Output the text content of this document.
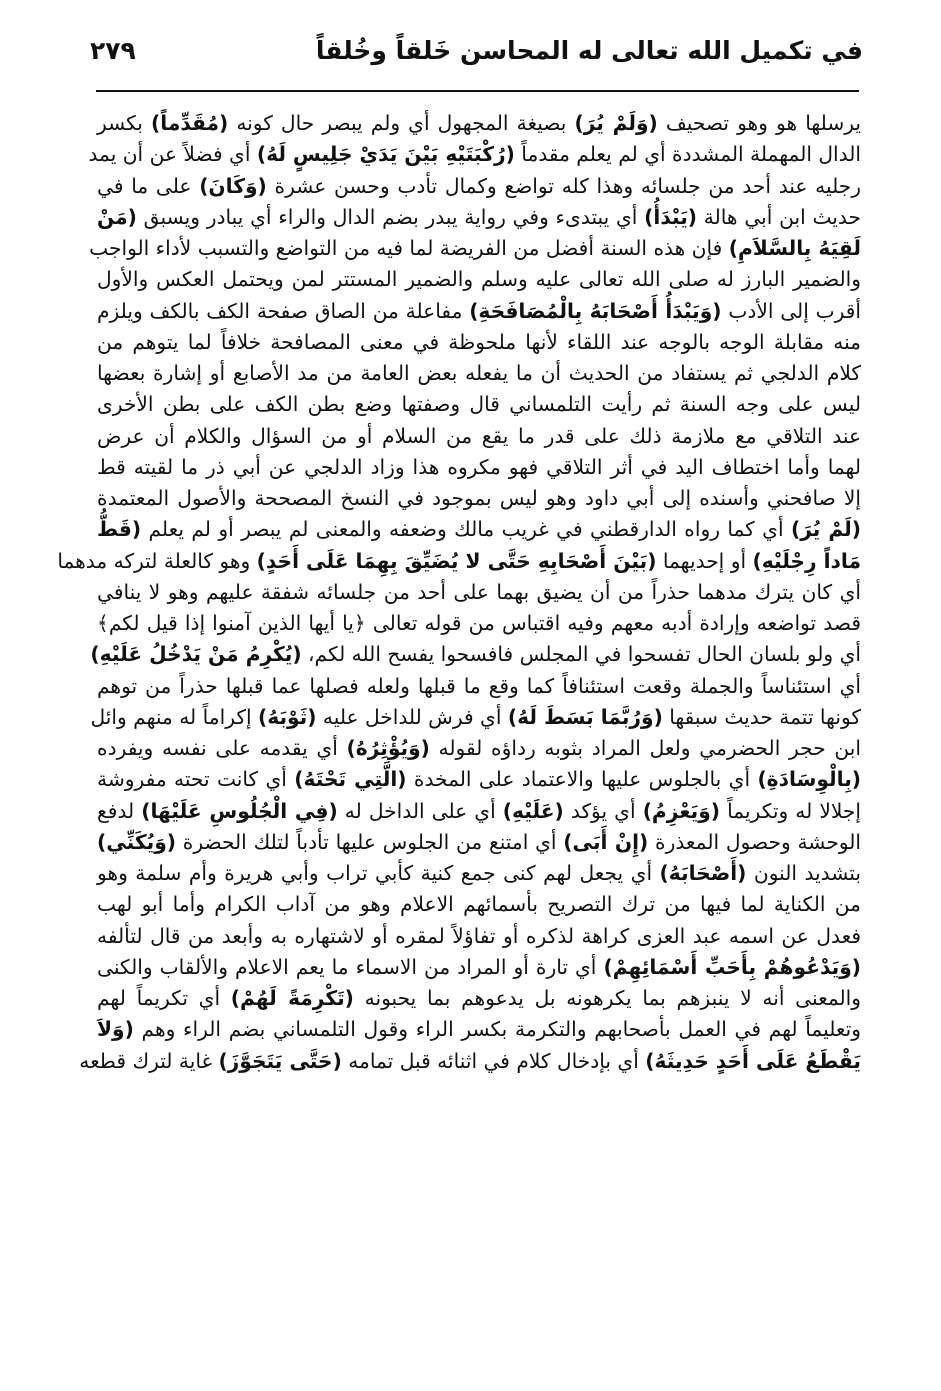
في تكميل الله تعالى له المحاسن خَلقاً وخُلقاً
٢٧٩
يرسلها هو وهو تصحيف (وَلَمْ يُرَ) بصيغة المجهول أي ولم يبصر حال كونه (مُقَدِّماً) بكسر
الدال المهملة المشددة أي لم يعلم مقدماً (رُكْبَتَيْهِ بَيْنَ يَدَيْ جَلِيسٍ لَهُ) أي فضلاً عن أن يمد
رجليه عند أحد من جلسائه وهذا كله تواضع وكمال تأدب وحسن عشرة (وَكَانَ) على ما في
حديث ابن أبي هالة (يَبْدَأُ) أي يبتدىء وفي رواية يبدر بضم الدال والراء أي يبادر ويسبق (مَنْ
لَقِيَهُ بِالسَّلاَمِ) فإن هذه السنة أفضل من الفريضة لما فيه من التواضع والتسبب لأداء الواجب
والضمير البارز له صلى الله تعالى عليه وسلم والضمير المستتر لمن ويحتمل العكس والأول
أقرب إلى الأدب (وَيَبْدَأُ أَصْحَابَهُ بِالْمُصَافَحَةِ) مفاعلة من الصاق صفحة الكف بالكف ويلزم
منه مقابلة الوجه بالوجه عند اللقاء لأنها ملحوظة في معنى المصافحة خلافاً لما يتوهم من
كلام الدلجي ثم يستفاد من الحديث أن ما يفعله بعض العامة من مد الأصابع أو إشارة بعضها
ليس على وجه السنة ثم رأيت التلمساني قال وصفتها وضع بطن الكف على بطن الأخرى
عند التلاقي مع ملازمة ذلك على قدر ما يقع من السلام أو من السؤال والكلام أن عرض
لهما وأما اختطاف اليد في أثر التلاقي فهو مكروه هذا وزاد الدلجي عن أبي ذر ما لقيته قط
إلا صافحني وأسنده إلى أبي داود وهو ليس بموجود في النسخ المصححة والأصول المعتمدة
(لَمْ يُرَ) أي كما رواه الدارقطني في غريب مالك وضعفه والمعنى لم يبصر أو لم يعلم (قَطُّ
مَاداً رِجْلَيْهِ) أو إحديهما (بَيْنَ أَصْحَابِهِ حَتَّى لا يُضَيِّقَ بِهِمَا عَلَى أَحَدٍ) وهو كالعلة لتركه مدهما
أي كان يترك مدهما حذراً من أن يضيق بهما على أحد من جلسائه شفقة عليهم وهو لا ينافي
قصد تواضعه وإرادة أدبه معهم وفيه اقتباس من قوله تعالى ﴿يا أيها الذين آمنوا إذا قيل لكم﴾
أي ولو بلسان الحال تفسحوا في المجلس فافسحوا يفسح الله لكم، (يُكْرِمُ مَنْ يَدْخُلُ عَلَيْهِ)
أي استئناساً والجملة وقعت استئنافاً كما وقع ما قبلها ولعله فصلها عما قبلها حذراً من توهم
كونها تتمة حديث سبقها (وَرُبَّمَا بَسَطَ لَهُ) أي فرش للداخل عليه (ثَوْبَهُ) إكراماً له منهم وائل
ابن حجر الحضرمي ولعل المراد بثوبه رداؤه لقوله (وَيُؤْثِرُهُ) أي يقدمه على نفسه ويفرده
(بِالْوِسَادَةِ) أي بالجلوس عليها والاعتماد على المخدة (الَّتِي تَحْتَهُ) أي كانت تحته مفروشة
إجلالا له وتكريماً (وَيَعْزِمُ) أي يؤكد (عَلَيْهِ) أي على الداخل له (فِي الْجُلُوسِ عَلَيْهَا) لدفع
الوحشة وحصول المعذرة (إِنْ أَبَى) أي امتنع من الجلوس عليها تأدباً لتلك الحضرة (وَيُكَنِّي)
بتشديد النون (أَصْحَابَهُ) أي يجعل لهم كنى جمع كنية كأبي تراب وأبي هريرة وأم سلمة وهو
من الكناية لما فيها من ترك التصريح بأسمائهم الاعلام وهو من آداب الكرام وأما أبو لهب
فعدل عن اسمه عبد العزى كراهة لذكره أو تفاؤلاً لمقره أو لاشتهاره به وأبعد من قال لتألفه
(وَيَدْعُوهُمْ بِأَحَبِّ أَسْمَائِهِمْ) أي تارة أو المراد من الاسماء ما يعم الاعلام والألقاب والكنى
والمعنى أنه لا ينبزهم بما يكرهونه بل يدعوهم بما يحبونه (تَكْرِمَةً لَهُمْ) أي تكريماً لهم
وتعليماً لهم في العمل بأصحابهم والتكرمة بكسر الراء وقول التلمساني بضم الراء وهم (وَلاَ
يَقْطَعُ عَلَى أَحَدٍ حَدِيثَهُ) أي بإدخال كلام في اثنائه قبل تمامه (حَتَّى يَتَجَوَّزَ) غاية لترك قطعه
